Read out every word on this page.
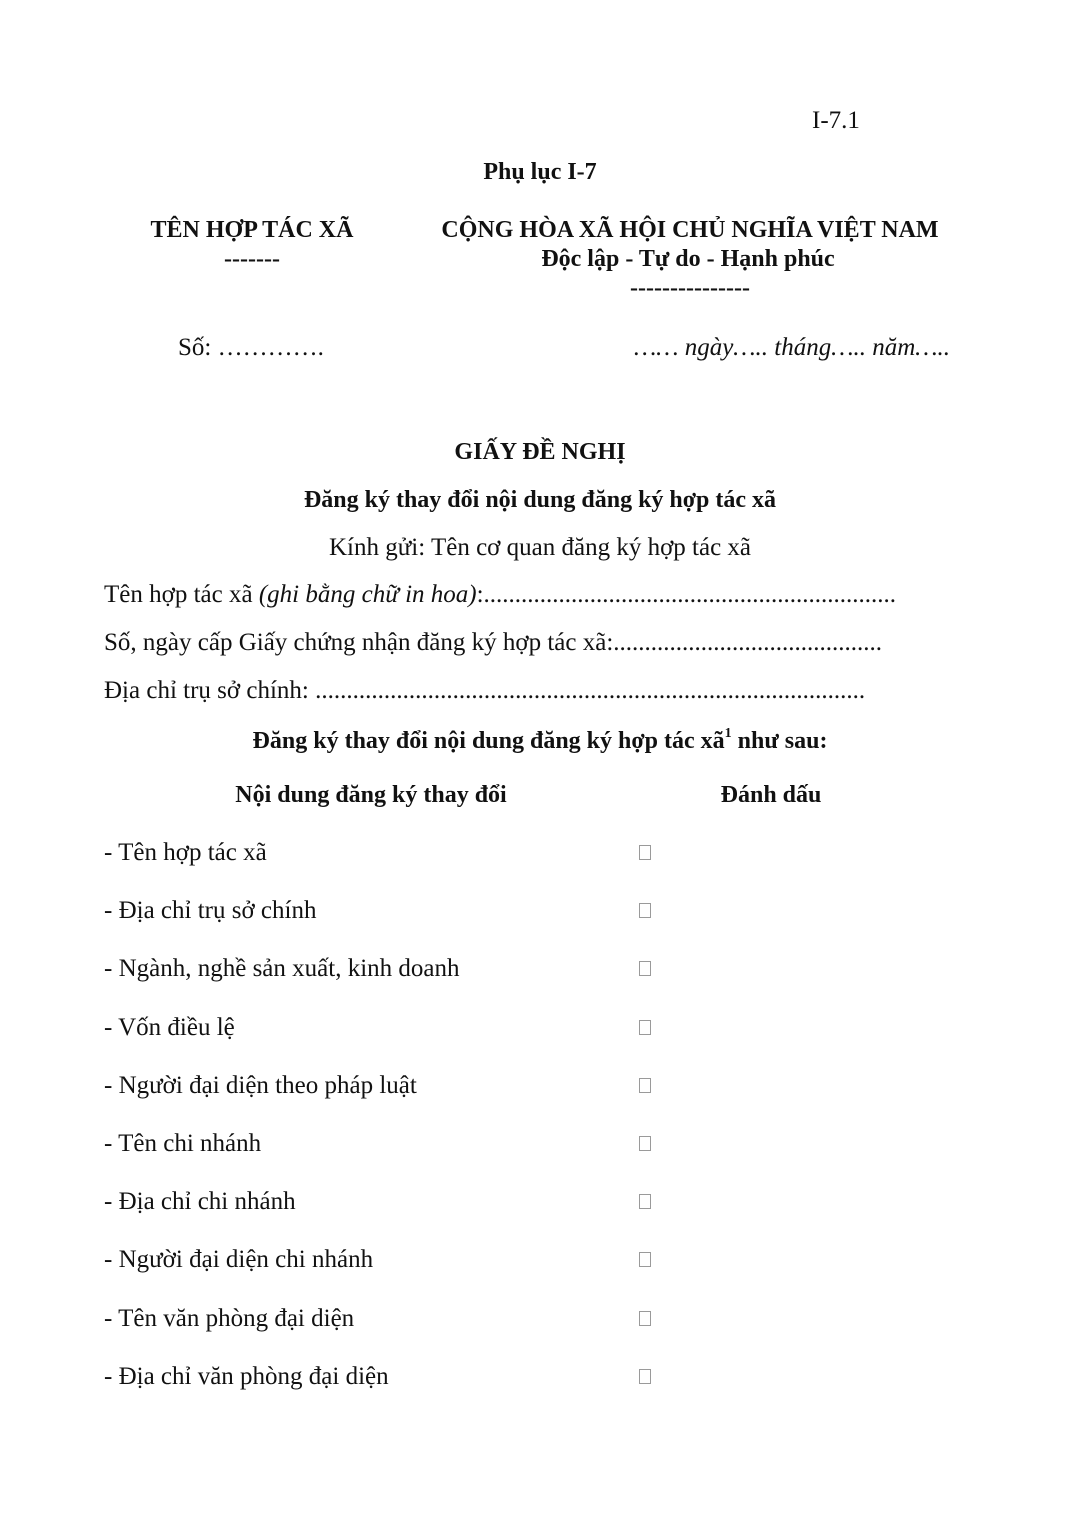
I-7.1
Phụ lục I-7
TÊN HỢP TÁC XÃ
-------
CỘNG HÒA XÃ HỘI CHỦ NGHĨA VIỆT NAM
Độc lập - Tự do - Hạnh phúc
---------------
Số: ………….	…… ngày….. tháng….. năm…..
GIẤY ĐỀ NGHỊ
Đăng ký thay đổi nội dung đăng ký hợp tác xã
Kính gửi: Tên cơ quan đăng ký hợp tác xã
Tên hợp tác xã (ghi bằng chữ in hoa):..................................................................
Số, ngày cấp Giấy chứng nhận đăng ký hợp tác xã:...........................................
Địa chỉ trụ sở chính: ........................................................................................
Đăng ký thay đổi nội dung đăng ký hợp tác $xã^1$ như sau:
Nội dung đăng ký thay đổi	Đánh dấu
- Tên hợp tác xã
- Địa chỉ trụ sở chính
- Ngành, nghề sản xuất, kinh doanh
- Vốn điều lệ
- Người đại diện theo pháp luật
- Tên chi nhánh
- Địa chỉ chi nhánh
- Người đại diện chi nhánh
- Tên văn phòng đại diện
- Địa chỉ văn phòng đại diện
